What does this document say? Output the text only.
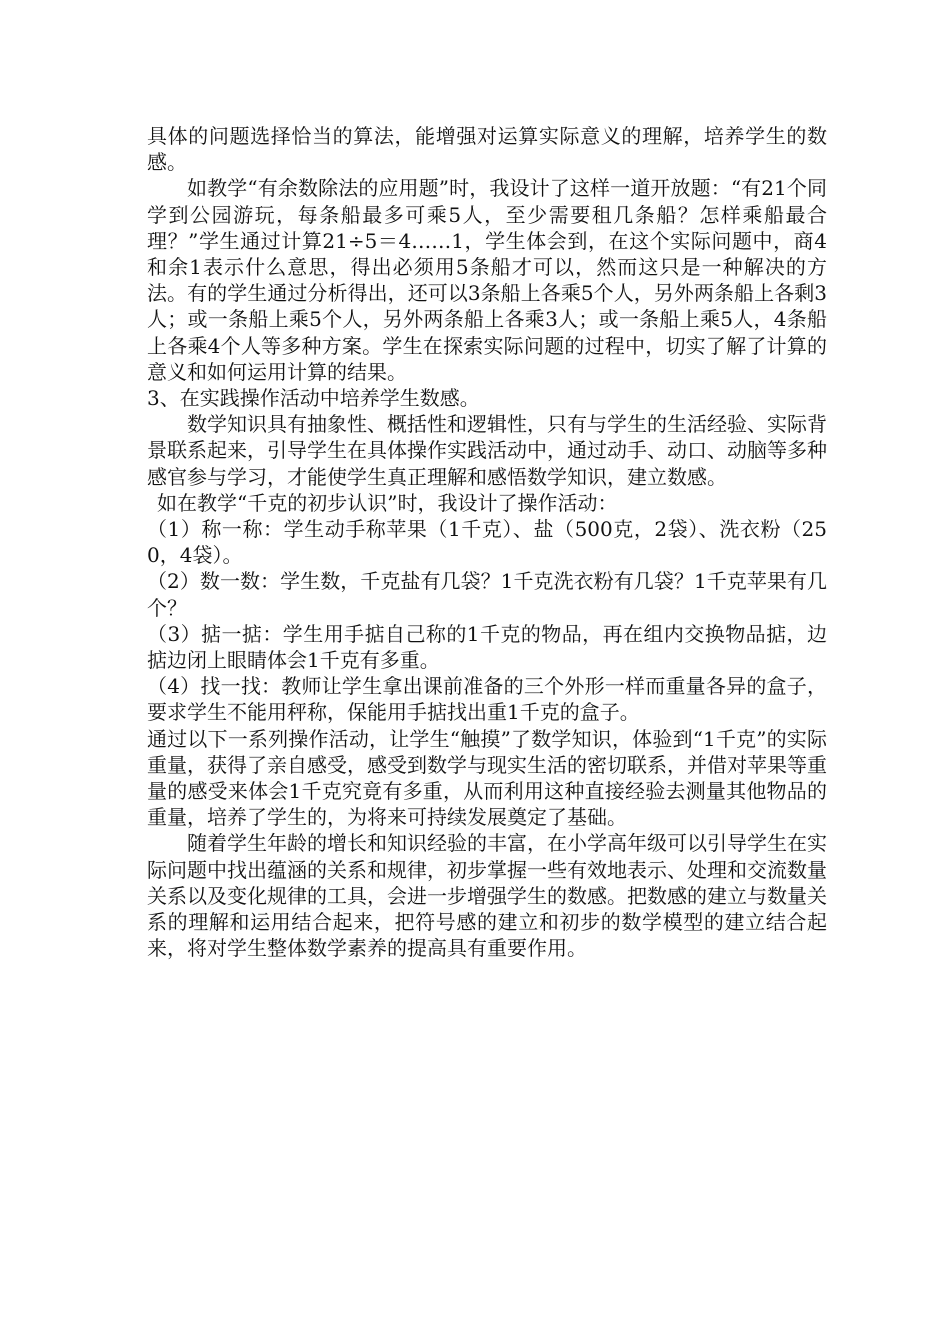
具体的问题选择恰当的算法，能增强对运算实际意义的理解，培养学生的数感。

如教学“有余数除法的应用题”时，我设计了这样一道开放题：“有21个同学到公园游玩，每条船最多可乘5人，至少需要租几条船？怎样乘船最合理？”学生通过计算21÷5＝4……1，学生体会到，在这个实际问题中，商4和余1表示什么意思，得出必须用5条船才可以，然而这只是一种解决的方法。有的学生通过分析得出，还可以3条船上各乘5个人，另外两条船上各剩3人；或一条船上乘5个人，另外两条船上各乘3人；或一条船上乘5人，4条船上各乘4个人等多种方案。学生在探索实际问题的过程中，切实了解了计算的意义和如何运用计算的结果。

3、在实践操作活动中培养学生数感。

数学知识具有抽象性、概括性和逻辑性，只有与学生的生活经验、实际背景联系起来，引导学生在具体操作实践活动中，通过动手、动口、动脑等多种感官参与学习，才能使学生真正理解和感悟数学知识，建立数感。

如在教学“千克的初步认识”时，我设计了操作活动：

（1）称一称：学生动手称苹果（1千克）、盐（500克，2袋）、洗衣粉（250，4袋）。

（2）数一数：学生数，千克盐有几袋？1千克洗衣粉有几袋？1千克苹果有几个？

（3）掂一掂：学生用手掂自己称的1千克的物品，再在组内交换物品掂，边掂边闭上眼睛体会1千克有多重。

（4）找一找：教师让学生拿出课前准备的三个外形一样而重量各异的盒子，要求学生不能用秤称，保能用手掂找出重1千克的盒子。

通过以下一系列操作活动，让学生“触摸”了数学知识，体验到“1千克”的实际重量，获得了亲自感受，感受到数学与现实生活的密切联系，并借对苹果等重量的感受来体会1千克究竟有多重，从而利用这种直接经验去测量其他物品的重量，培养了学生的，为将来可持续发展奠定了基础。

随着学生年龄的增长和知识经验的丰富，在小学高年级可以引导学生在实际问题中找出蕴涵的关系和规律，初步掌握一些有效地表示、处理和交流数量关系以及变化规律的工具，会进一步增强学生的数感。把数感的建立与数量关系的理解和运用结合起来，把符号感的建立和初步的数学模型的建立结合起来，将对学生整体数学素养的提高具有重要作用。
